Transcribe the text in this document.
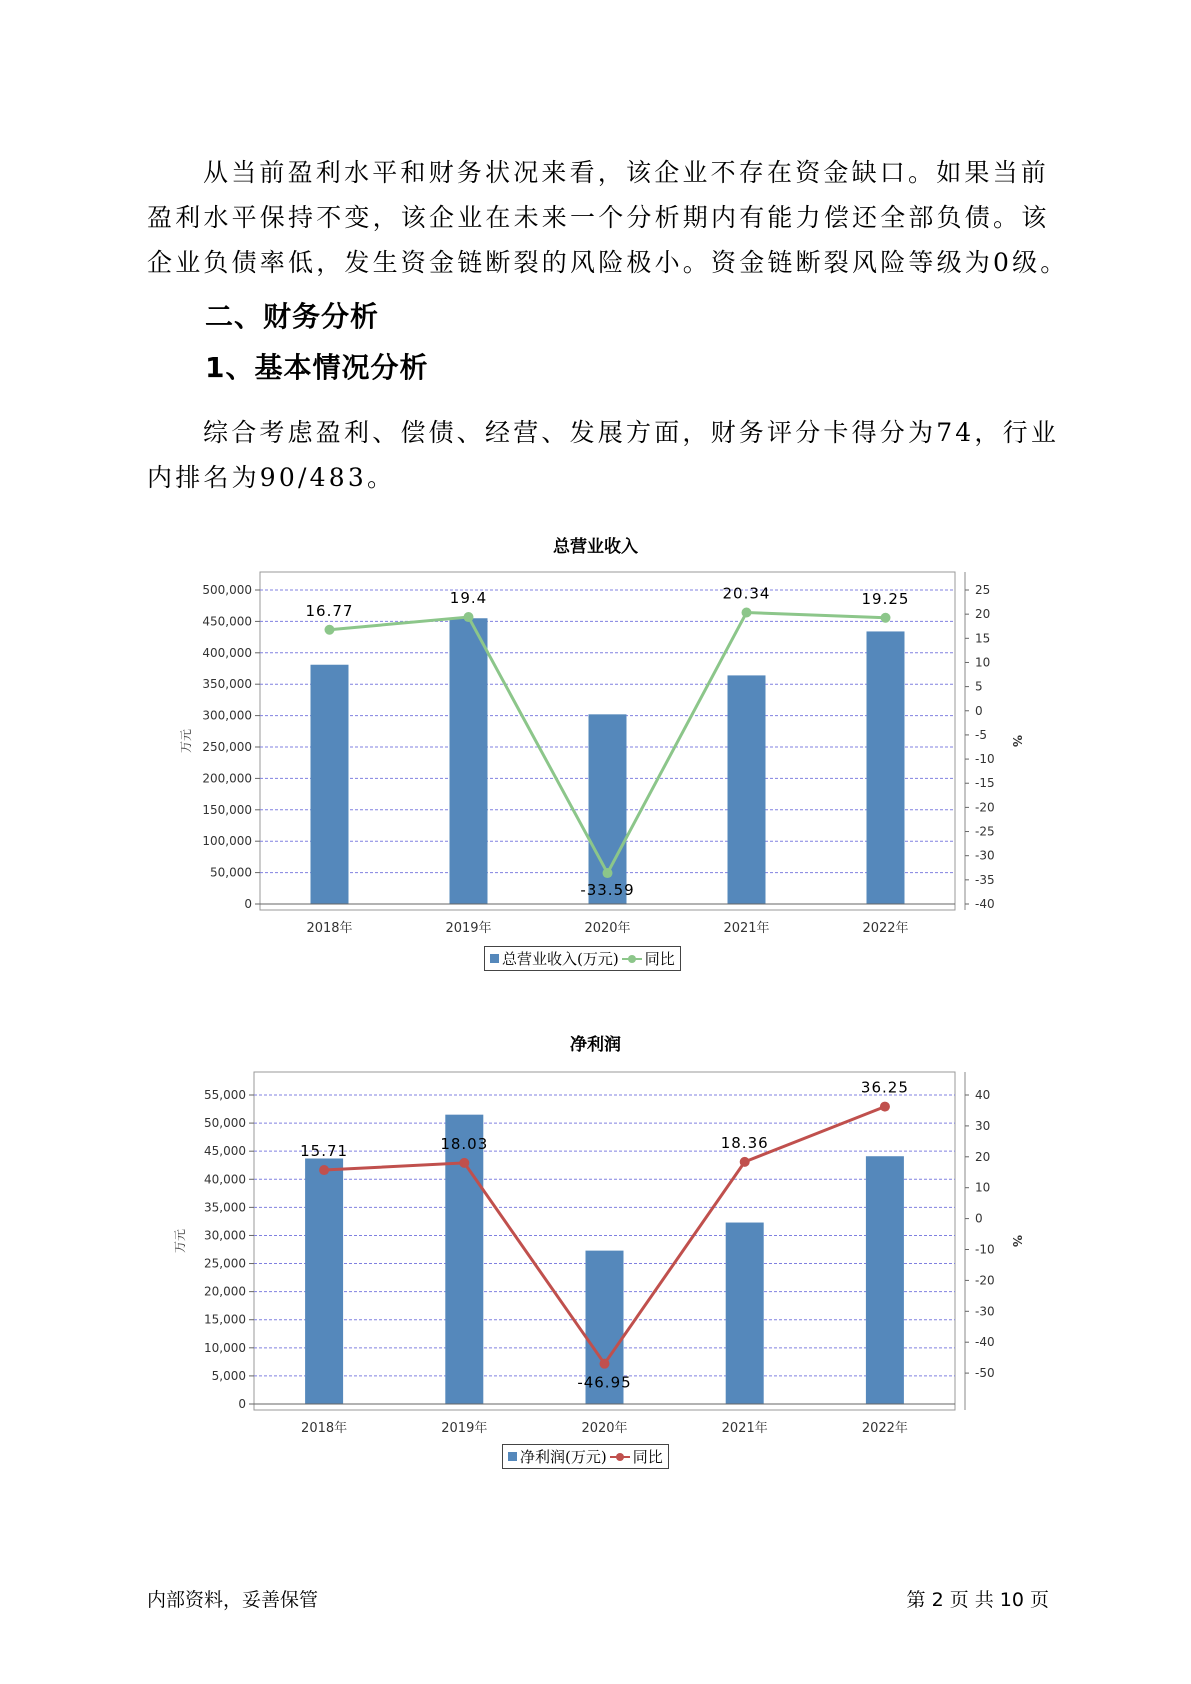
从当前盈利水平和财务状况来看，该企业不存在资金缺口。如果当前
盈利水平保持不变，该企业在未来一个分析期内有能力偿还全部负债。该
企业负债率低，发生资金链断裂的风险极小。资金链断裂风险等级为0级。

二、财务分析
1、基本情况分析

综合考虑盈利、偿债、经营、发展方面，财务评分卡得分为74，行业
内排名为90/483。

总营业收入
0
50,000
100,000
150,000
200,000
250,000
300,000
350,000
400,000
450,000
500,000
-40
-35
-30
-25
-20
-15
-10
-5
0
5
10
15
20
25
万元	%
2018年	2019年	2020年	2021年	2022年
16.77
19.4
-33.59
20.34	19.25
总营业收入(万元) 同比
净利润
0
5,000
10,000
15,000
20,000
25,000
30,000
35,000
40,000
45,000
50,000
55,000
-50
-40
-30
-20
-10
0
10
20
30
40
万元	%
2018年	2019年	2020年	2021年	2022年
15.71	18.03
-46.95
18.36
36.25
净利润(万元) 同比
内部资料，妥善保管	第 2 页 共 10 页
